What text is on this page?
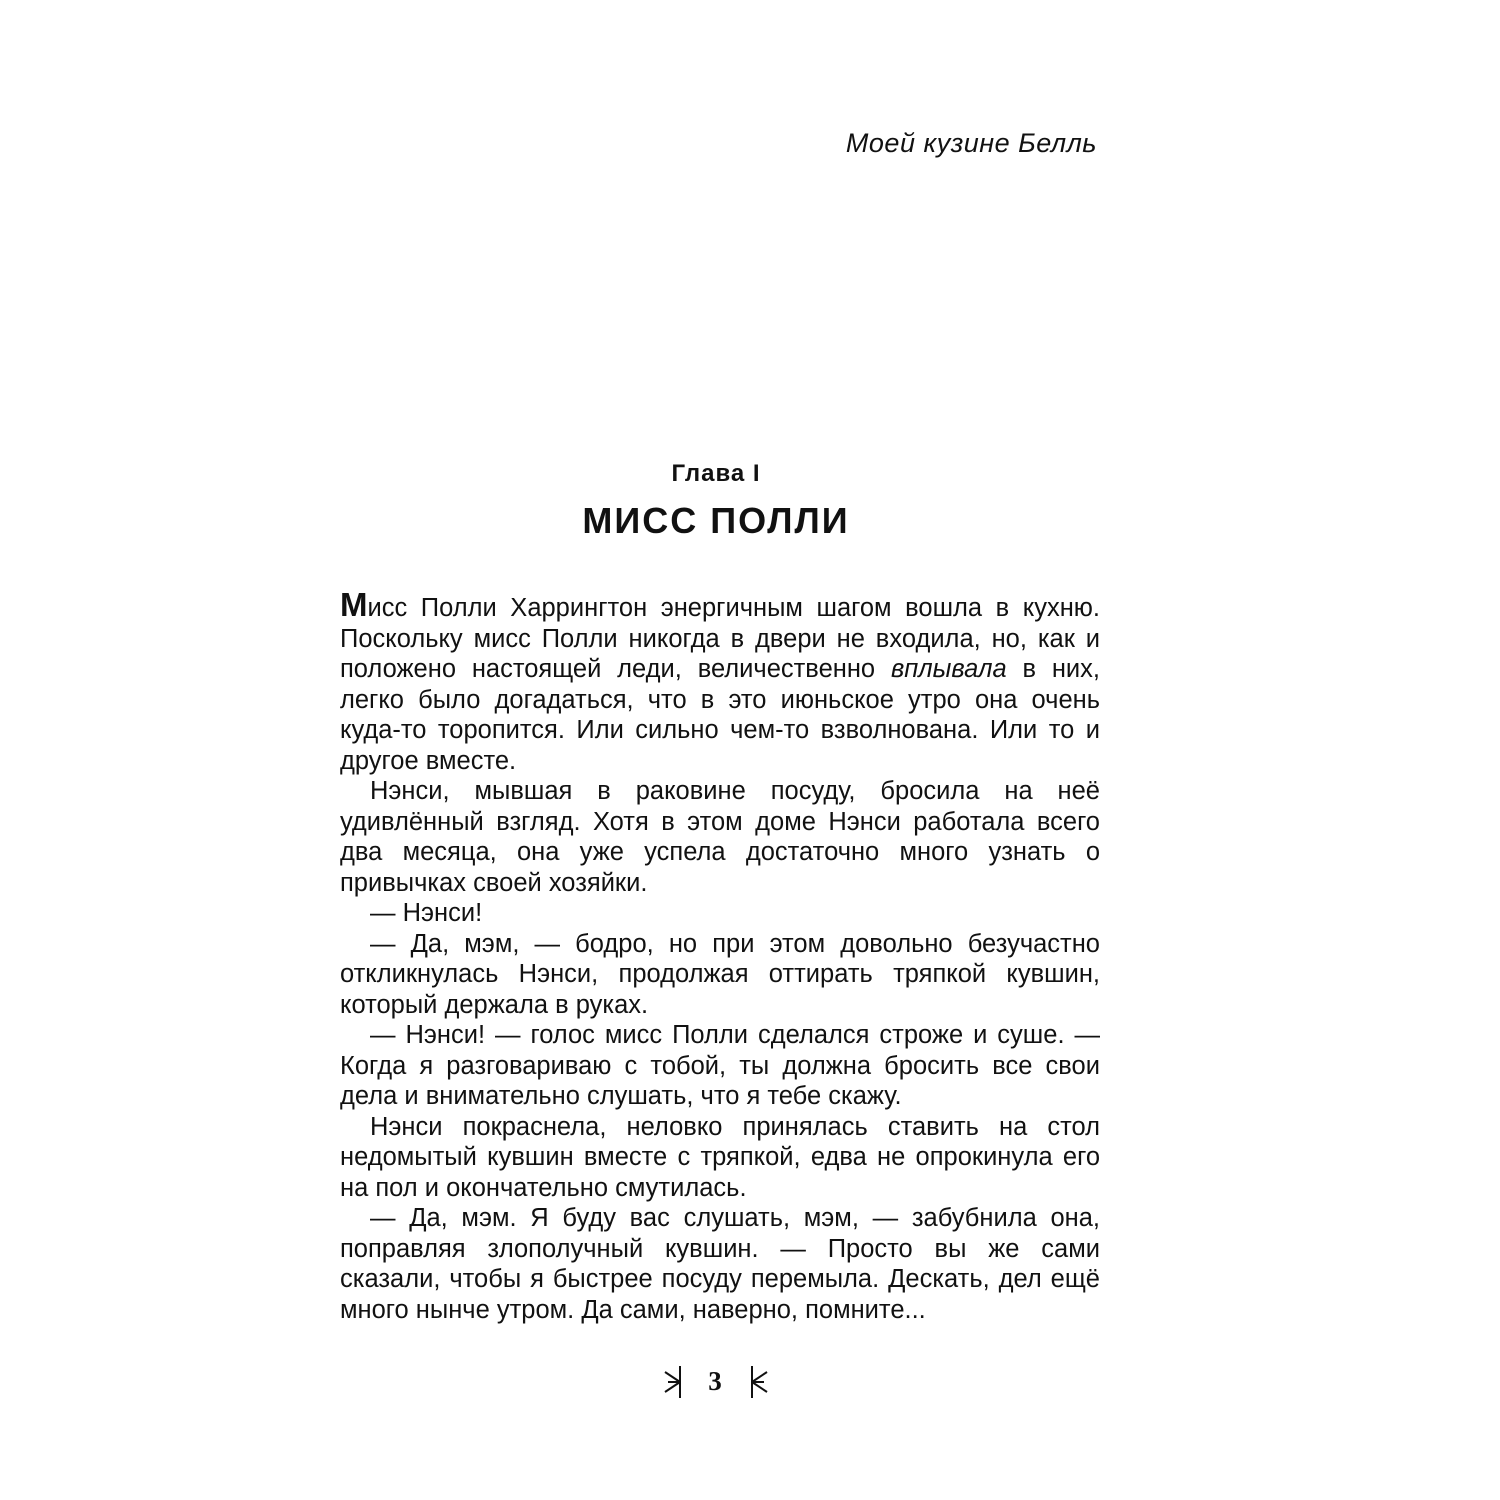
Моей кузине Белль
Глава I
МИСС ПОЛЛИ

Мисс Полли Харрингтон энергичным шагом вошла в кухню. Поскольку мисс Полли никогда в двери не входила, но, как и положено настоящей леди, величественно вплывала в них, легко было догадаться, что в это июньское утро она очень куда-то торопится. Или сильно чем-то взволнована. Или то и другое вместе.

Нэнси, мывшая в раковине посуду, бросила на неё удивлённый взгляд. Хотя в этом доме Нэнси работала всего два месяца, она уже успела достаточно много узнать о привычках своей хозяйки.

— Нэнси!

— Да, мэм, — бодро, но при этом довольно безучастно откликнулась Нэнси, продолжая оттирать тряпкой кувшин, который держала в руках.

— Нэнси! — голос мисс Полли сделался строже и суше. — Когда я разговариваю с тобой, ты должна бросить все свои дела и внимательно слушать, что я тебе скажу.

Нэнси покраснела, неловко принялась ставить на стол недомытый кувшин вместе с тряпкой, едва не опрокинула его на пол и окончательно смутилась.

— Да, мэм. Я буду вас слушать, мэм, — забубнила она, поправляя злополучный кувшин. — Просто вы же сами сказали, чтобы я быстрее посуду перемыла. Дескать, дел ещё много нынче утром. Да сами, наверно, помните...

3
